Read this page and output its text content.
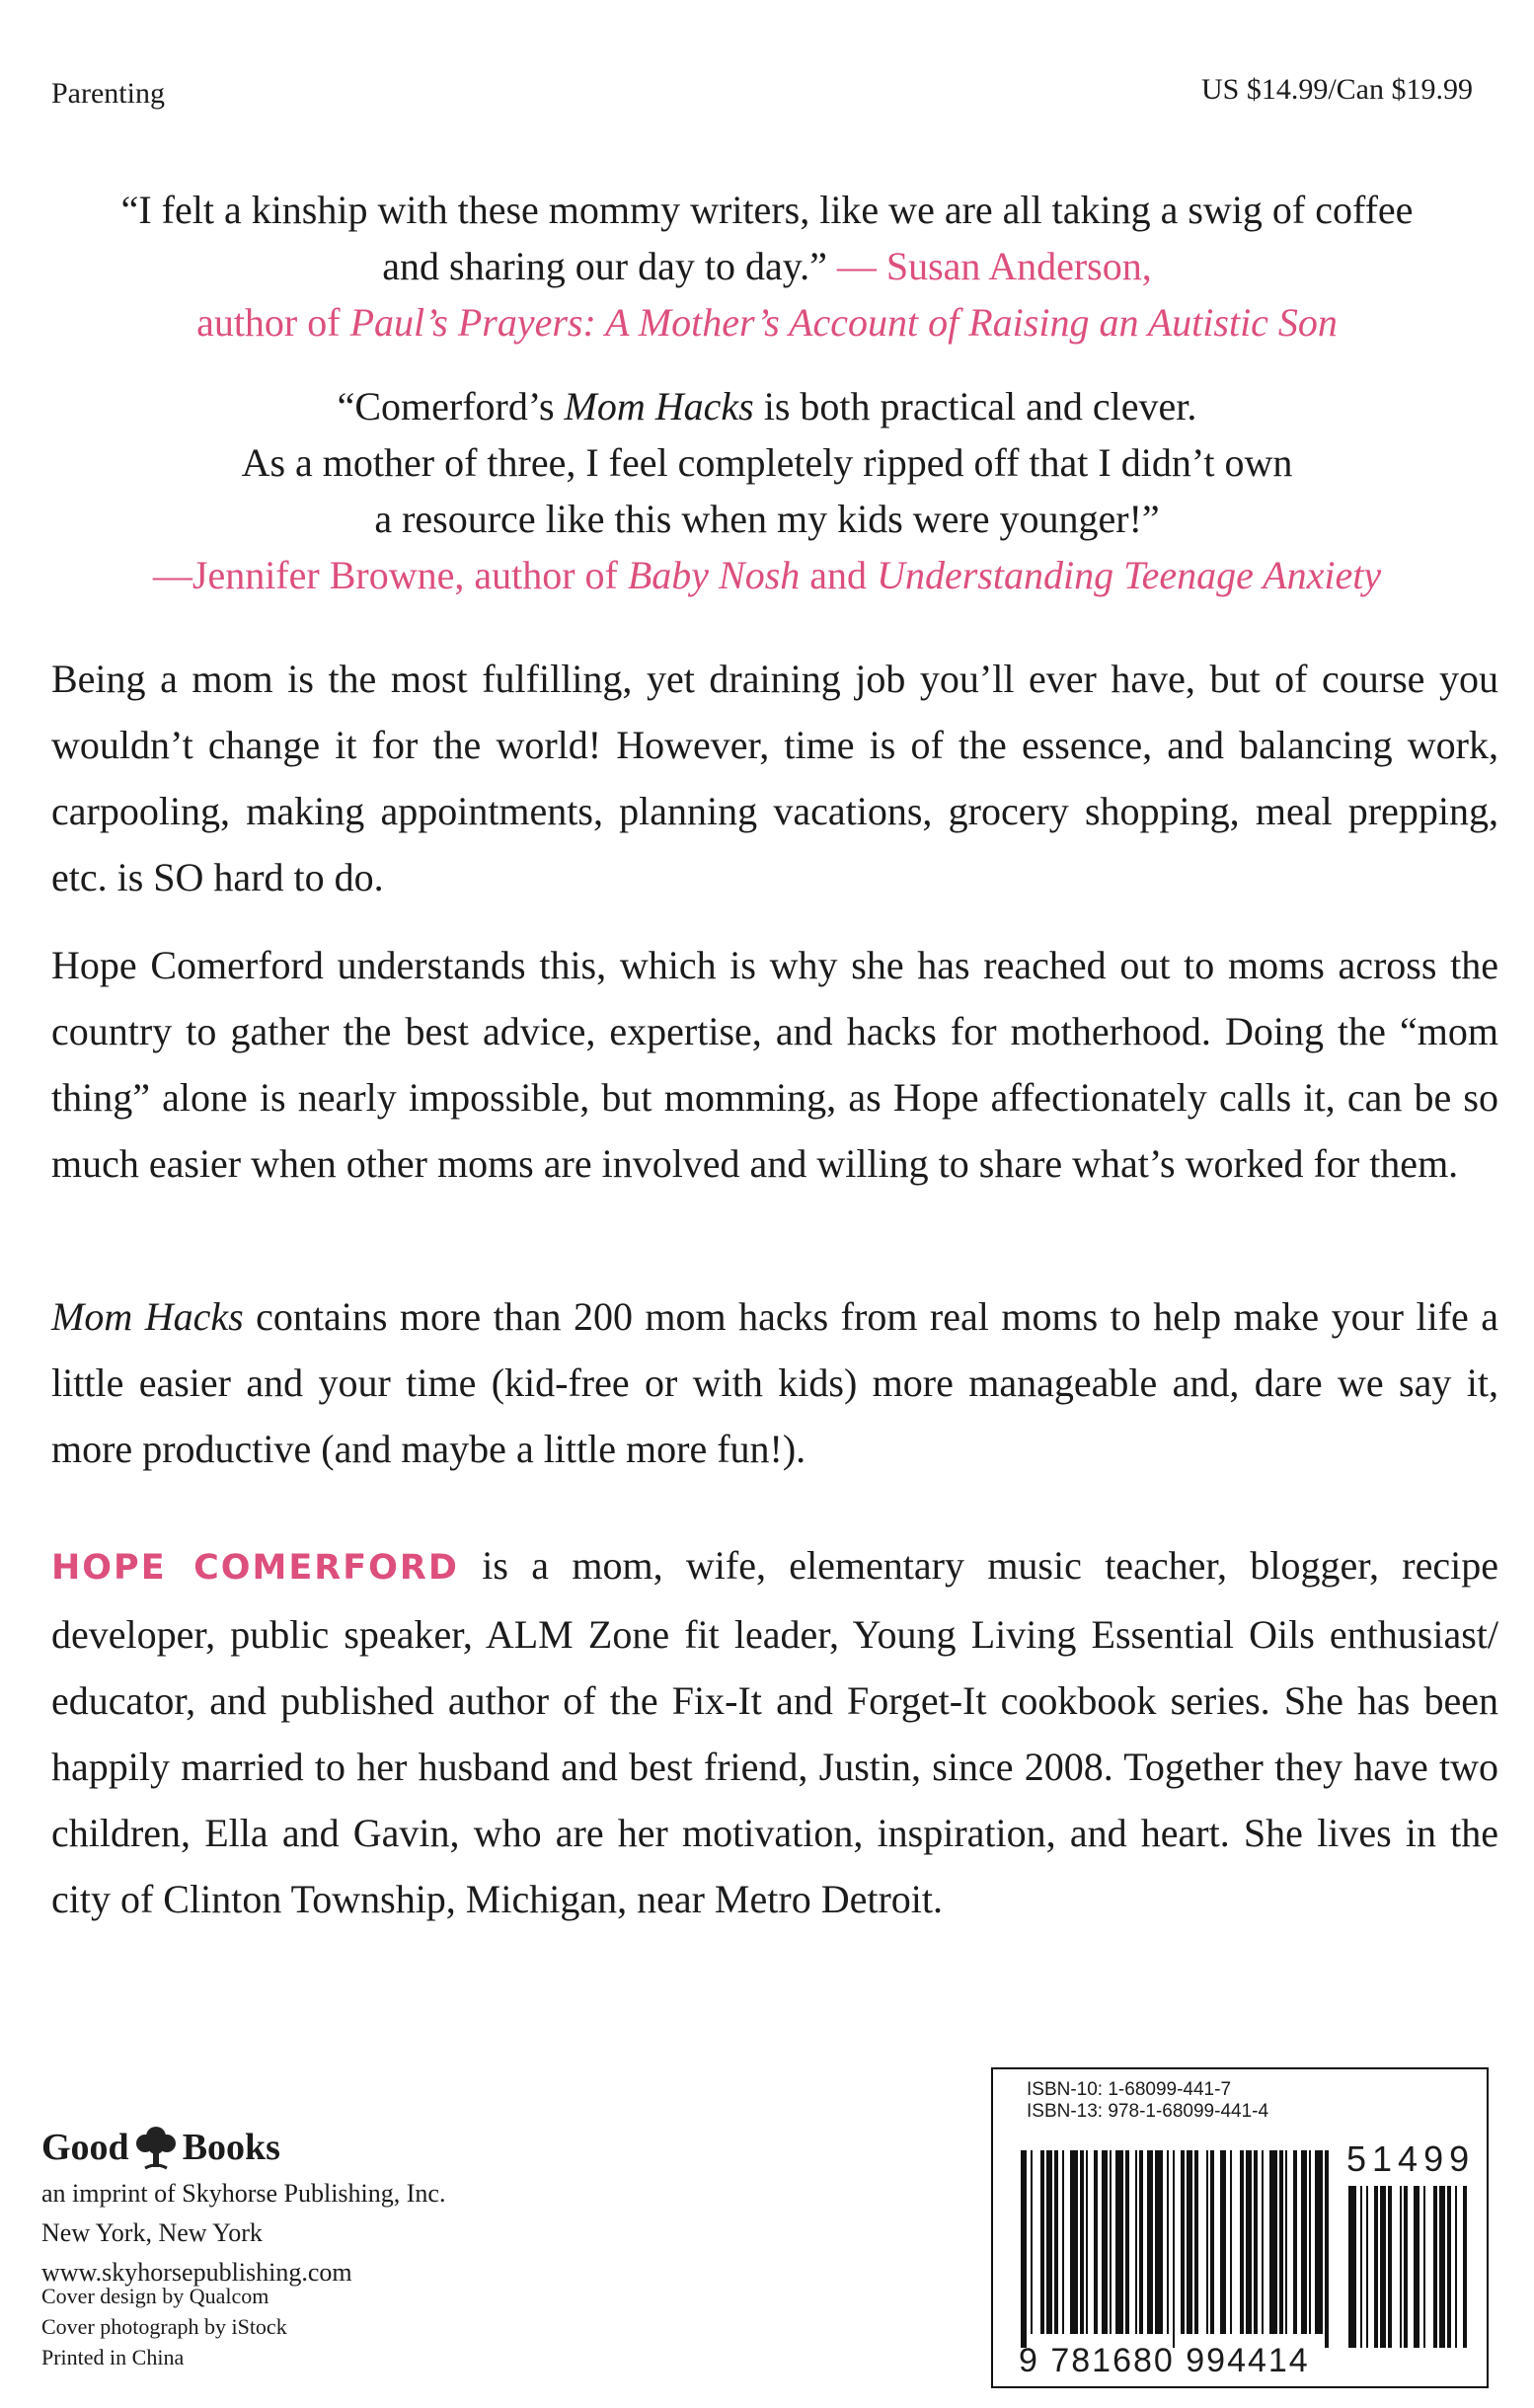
Parenting	US $14.99/Can $19.99
“I felt a kinship with these mommy writers, like we are all taking a swig of coffee and sharing our day to day.” — Susan Anderson,
author of Paul’s Prayers: A Mother’s Account of Raising an Autistic Son
“Comerford’s Mom Hacks is both practical and clever.
As a mother of three, I feel completely ripped off that I didn’t own
a resource like this when my kids were younger!”
—Jennifer Browne, author of Baby Nosh and Understanding Teenage Anxiety

Being a mom is the most fulfilling, yet draining job you’ll ever have, but of course you wouldn’t change it for the world! However, time is of the essence, and balancing work, carpooling, making appointments, planning vacations, grocery shopping, meal prepping, etc. is SO hard to do.

Hope Comerford understands this, which is why she has reached out to moms across the country to gather the best advice, expertise, and hacks for motherhood. Doing the “mom thing” alone is nearly impossible, but momming, as Hope affectionately calls it, can be so much easier when other moms are involved and willing to share what’s worked for them.

Mom Hacks contains more than 200 mom hacks from real moms to help make your life a little easier and your time (kid-free or with kids) more manageable and, dare we say it, more productive (and maybe a little more fun!).

HOPE COMERFORD is a mom, wife, elementary music teacher, blogger, recipe developer, public speaker, ALM Zone fit leader, Young Living Essential Oils enthusiast/ educator, and published author of the Fix-It and Forget-It cookbook series. She has been happily married to her husband and best friend, Justin, since 2008. Together they have two children, Ella and Gavin, who are her motivation, inspiration, and heart. She lives in the city of Clinton Township, Michigan, near Metro Detroit.

Good Books
an imprint of Skyhorse Publishing, Inc.
New York, New York
www.skyhorsepublishing.com
Cover design by Qualcom
Cover photograph by iStock
Printed in China
ISBN-10: 1-68099-441-7
ISBN-13: 978-1-68099-441-4
51499
9 781680 994414
